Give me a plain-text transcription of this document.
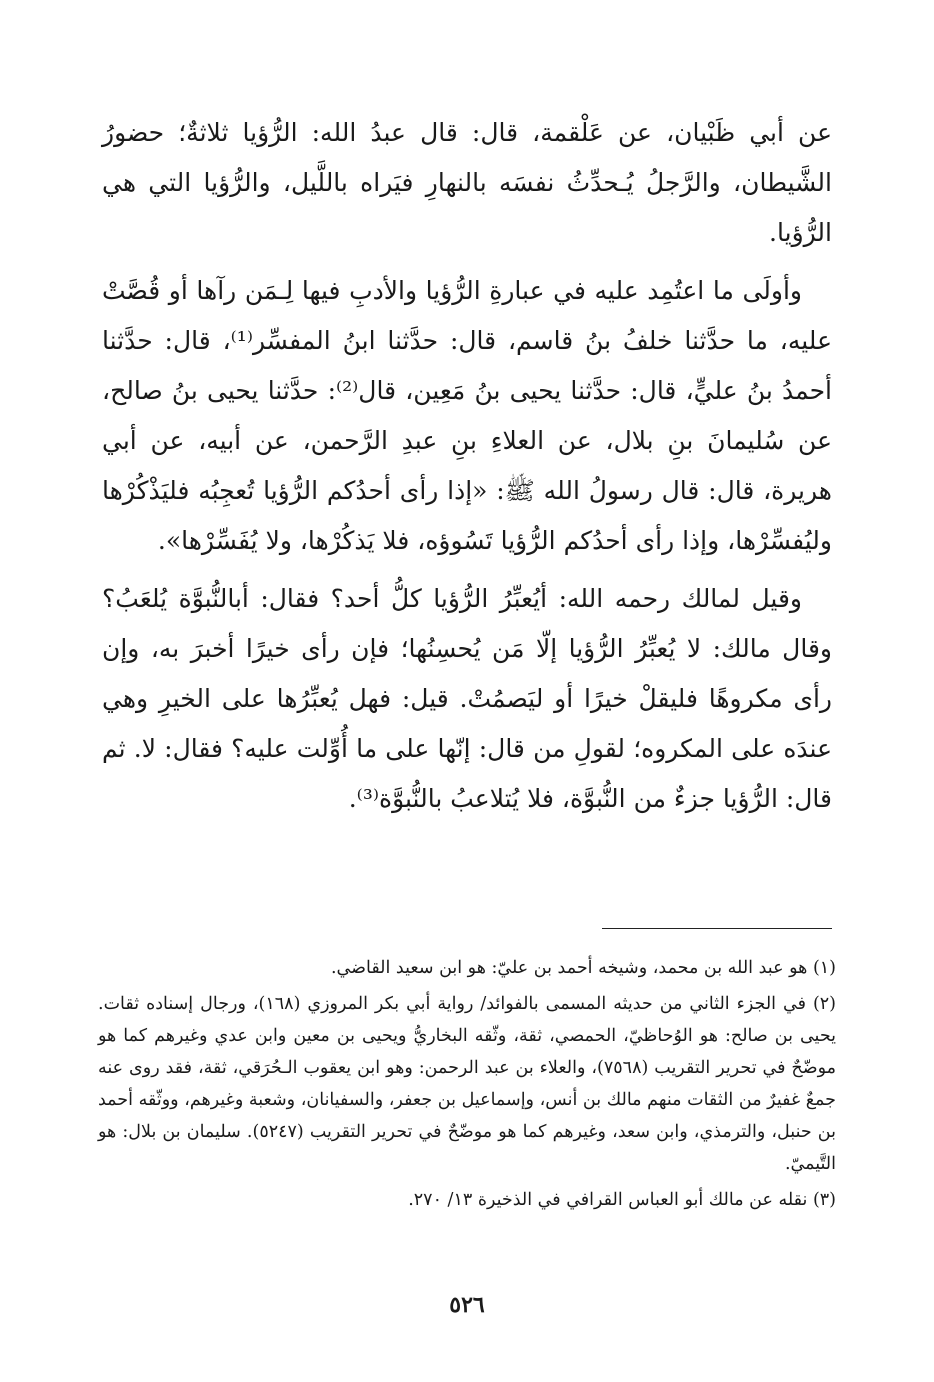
عن أبي ظَبْيان، عن عَلْقمة، قال: قال عبدُ الله: الرُّؤيا ثلاثةٌ؛ حضورُ الشَّيطان، والرَّجلُ يُـحدِّثُ نفسَه بالنهارِ فيَراه باللَّيل، والرُّؤيا التي هي الرُّؤيا.

وأولَى ما اعتُمِد عليه في عبارةِ الرُّؤيا والأدبِ فيها لِـمَن رآها أو قُصَّتْ عليه، ما حدَّثنا خلفُ بنُ قاسم، قال: حدَّثنا ابنُ المفسِّر⁽¹⁾، قال: حدَّثنا أحمدُ بنُ عليٍّ، قال: حدَّثنا يحيى بنُ مَعِين، قال⁽²⁾: حدَّثنا يحيى بنُ صالح، عن سُليمانَ بنِ بلال، عن العلاءِ بنِ عبدِ الرَّحمن، عن أبيه، عن أبي هريرة، قال: قال رسولُ الله ﷺ: «إذا رأى أحدُكم الرُّؤيا تُعجِبُه فليَذْكُرْها وليُفسِّرْها، وإذا رأى أحدُكم الرُّؤيا تَسُوؤه، فلا يَذكُرْها، ولا يُفَسِّرْها».

وقيل لمالك رحمه الله: أيُعبِّرُ الرُّؤيا كلُّ أحد؟ فقال: أبالنُّبوَّة يُلعَبُ؟ وقال مالك: لا يُعبِّرُ الرُّؤيا إلّا مَن يُحسِنُها؛ فإن رأى خيرًا أخبرَ به، وإن رأى مكروهًا فليقلْ خيرًا أو ليَصمُتْ. قيل: فهل يُعبِّرُها على الخيرِ وهي عندَه على المكروه؛ لقولِ من قال: إنّها على ما أُوِّلت عليه؟ فقال: لا. ثم قال: الرُّؤيا جزءٌ من النُّبوَّة، فلا يُتلاعبُ بالنُّبوَّة⁽³⁾.

(١) هو عبد الله بن محمد، وشيخه أحمد بن عليّ: هو ابن سعيد القاضي.

(٢) في الجزء الثاني من حديثه المسمى بالفوائد/ رواية أبي بكر المروزي (١٦٨)، ورجال إسناده ثقات. يحيى بن صالح: هو الوُحاظيّ، الحمصي، ثقة، وثّقه البخاريُّ ويحيى بن معين وابن عدي وغيرهم كما هو موضّحٌ في تحرير التقريب (٧٥٦٨)، والعلاء بن عبد الرحمن: وهو ابن يعقوب الـحُرَقي، ثقة، فقد روى عنه جمعٌ غفيرٌ من الثقات منهم مالك بن أنس، وإسماعيل بن جعفر، والسفيانان، وشعبة وغيرهم، ووثّقه أحمد بن حنبل، والترمذي، وابن سعد، وغيرهم كما هو موضّحٌ في تحرير التقريب (٥٢٤٧). سليمان بن بلال: هو التَّيميّ.

(٣) نقله عن مالك أبو العباس القرافي في الذخيرة ١٣/ ٢٧٠.

٥٢٦
